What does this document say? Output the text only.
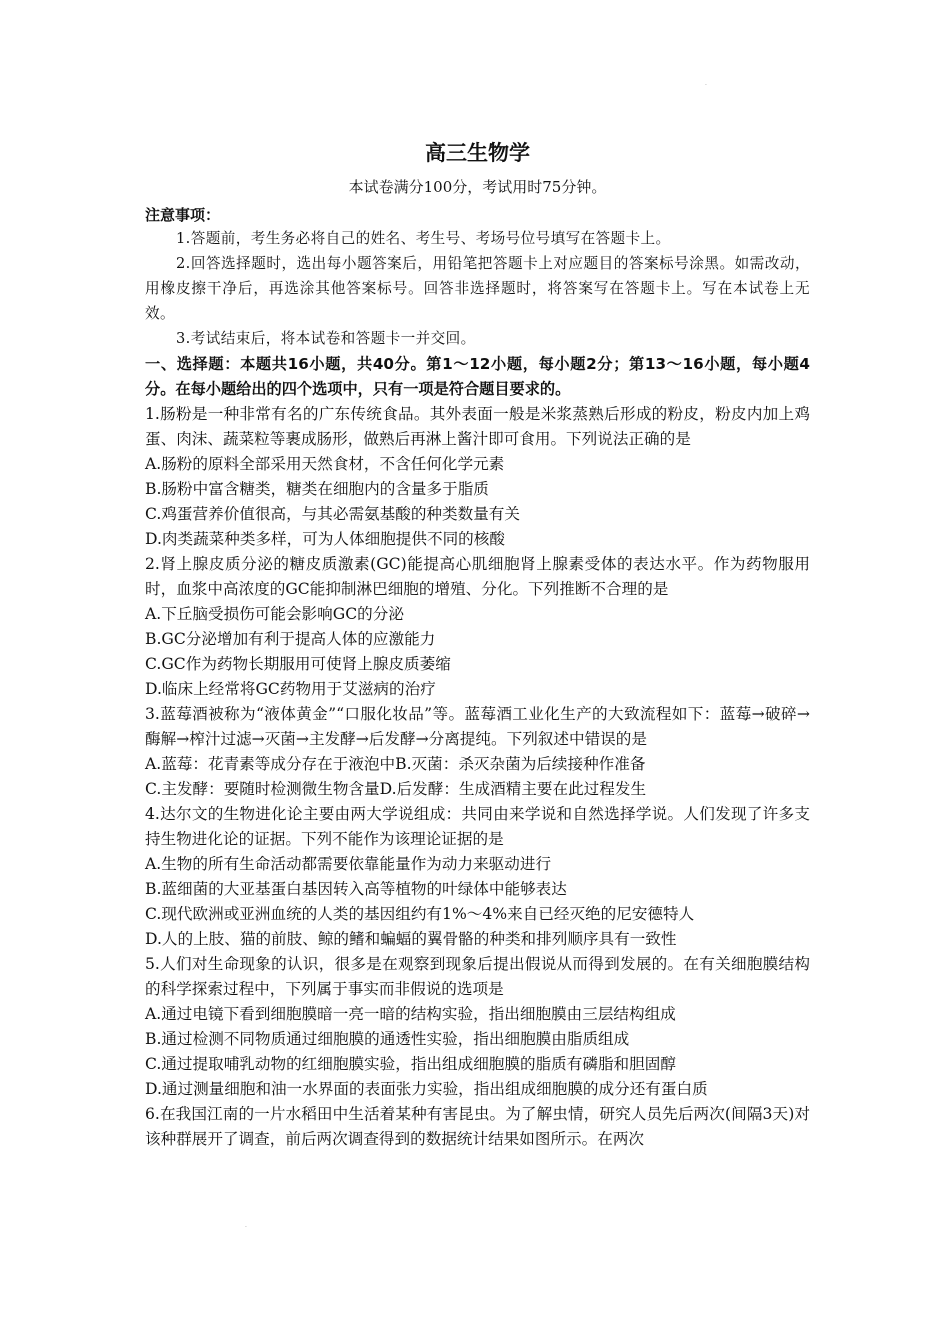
.
.
高三生物学
本试卷满分100分，考试用时75分钟。
注意事项：
1.答题前，考生务必将自己的姓名、考生号、考场号位号填写在答题卡上。
2.回答选择题时，选出每小题答案后，用铅笔把答题卡上对应题目的答案标号涂黑。如需改动，用橡皮擦干净后，再选涂其他答案标号。回答非选择题时，将答案写在答题卡上。写在本试卷上无效。
3.考试结束后，将本试卷和答题卡一并交回。
一、选择题：本题共16小题，共40分。第1～12小题，每小题2分；第13～16小题，每小题4分。在每小题给出的四个选项中，只有一项是符合题目要求的。
1.肠粉是一种非常有名的广东传统食品。其外表面一般是米浆蒸熟后形成的粉皮，粉皮内加上鸡蛋、肉沫、蔬菜粒等裹成肠形，做熟后再淋上酱汁即可食用。下列说法正确的是
A.肠粉的原料全部采用天然食材，不含任何化学元素
B.肠粉中富含糖类，糖类在细胞内的含量多于脂质
C.鸡蛋营养价值很高，与其必需氨基酸的种类数量有关
D.肉类蔬菜种类多样，可为人体细胞提供不同的核酸
2.肾上腺皮质分泌的糖皮质激素(GC)能提高心肌细胞肾上腺素受体的表达水平。作为药物服用时，血浆中高浓度的GC能抑制淋巴细胞的增殖、分化。下列推断不合理的是
A.下丘脑受损伤可能会影响GC的分泌
B.GC分泌增加有利于提高人体的应激能力
C.GC作为药物长期服用可使肾上腺皮质萎缩
D.临床上经常将GC药物用于艾滋病的治疗
3.蓝莓酒被称为“液体黄金”“口服化妆品”等。蓝莓酒工业化生产的大致流程如下：蓝莓→破碎→酶解→榨汁过滤→灭菌→主发酵→后发酵→分离提纯。下列叙述中错误的是
A.蓝莓：花青素等成分存在于液泡中B.灭菌：杀灭杂菌为后续接种作准备
C.主发酵：要随时检测微生物含量D.后发酵：生成酒精主要在此过程发生
4.达尔文的生物进化论主要由两大学说组成：共同由来学说和自然选择学说。人们发现了许多支持生物进化论的证据。下列不能作为该理论证据的是
A.生物的所有生命活动都需要依靠能量作为动力来驱动进行
B.蓝细菌的大亚基蛋白基因转入高等植物的叶绿体中能够表达
C.现代欧洲或亚洲血统的人类的基因组约有1%～4%来自已经灭绝的尼安德特人
D.人的上肢、猫的前肢、鲸的鳍和蝙蝠的翼骨骼的种类和排列顺序具有一致性
5.人们对生命现象的认识，很多是在观察到现象后提出假说从而得到发展的。在有关细胞膜结构的科学探索过程中，下列属于事实而非假说的选项是
A.通过电镜下看到细胞膜暗一亮一暗的结构实验，指出细胞膜由三层结构组成
B.通过检测不同物质通过细胞膜的通透性实验，指出细胞膜由脂质组成
C.通过提取哺乳动物的红细胞膜实验，指出组成细胞膜的脂质有磷脂和胆固醇
D.通过测量细胞和油一水界面的表面张力实验，指出组成细胞膜的成分还有蛋白质
6.在我国江南的一片水稻田中生活着某种有害昆虫。为了解虫情，研究人员先后两次(间隔3天)对该种群展开了调查，前后两次调查得到的数据统计结果如图所示。在两次
